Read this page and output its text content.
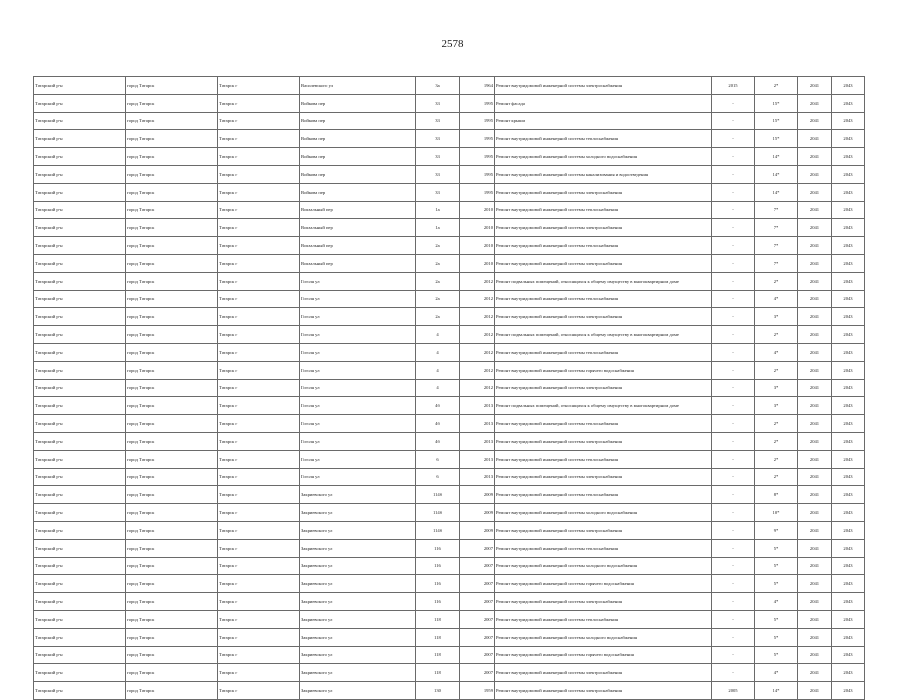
2578
Татарский р-н	город Татарск	Татарск г	Василевского ул	3а	1964	Ремонт внутридомовой инженерной системы электроснабжения	2015	2*	2041	2043
Татарский р-н	город Татарск	Татарск г	Войкова пер	33	1995	Ремонт фасада	-	15*	2041	2043
Татарский р-н	город Татарск	Татарск г	Войкова пер	33	1995	Ремонт крыши	-	15*	2041	2043
Татарский р-н	город Татарск	Татарск г	Войкова пер	33	1995	Ремонт внутридомовой инженерной системы теплоснабжения	-	15*	2041	2043
Татарский р-н	город Татарск	Татарск г	Войкова пер	33	1995	Ремонт внутридомовой инженерной системы холодного водоснабжения	-	14*	2041	2043
Татарский р-н	город Татарск	Татарск г	Войкова пер	33	1995	Ремонт внутридомовой инженерной системы канализования и водоотведения	-	14*	2041	2043
Татарский р-н	город Татарск	Татарск г	Войкова пер	33	1995	Ремонт внутридомовой инженерной системы электроснабжения	-	14*	2041	2043
Татарский р-н	город Татарск	Татарск г	Вокзальный пер	1а	2010	Ремонт внутридомовой инженерной системы теплоснабжения	-	7*	2041	2043
Татарский р-н	город Татарск	Татарск г	Вокзальный пер	1а	2010	Ремонт внутридомовой инженерной системы электроснабжения	-	7*	2041	2043
Татарский р-н	город Татарск	Татарск г	Вокзальный пер	2а	2010	Ремонт внутридомовой инженерной системы теплоснабжения	-	7*	2041	2043
Татарский р-н	город Татарск	Татарск г	Вокзальный пер	2а	2010	Ремонт внутридомовой инженерной системы электроснабжения	-	7*	2041	2043
Татарский р-н	город Татарск	Татарск г	Гоголя ул	2а	2012	Ремонт подвальных помещений, относящихся к общему имуществу в многоквартирном доме	-	2*	2041	2043
Татарский р-н	город Татарск	Татарск г	Гоголя ул	2а	2012	Ремонт внутридомовой инженерной системы теплоснабжения	-	4*	2041	2043
Татарский р-н	город Татарск	Татарск г	Гоголя ул	2а	2012	Ремонт внутридомовой инженерной системы электроснабжения	-	3*	2041	2043
Татарский р-н	город Татарск	Татарск г	Гоголя ул	4	2012	Ремонт подвальных помещений, относящихся к общему имуществу в многоквартирном доме	-	2*	2041	2043
Татарский р-н	город Татарск	Татарск г	Гоголя ул	4	2012	Ремонт внутридомовой инженерной системы теплоснабжения	-	4*	2041	2043
Татарский р-н	город Татарск	Татарск г	Гоголя ул	4	2012	Ремонт внутридомовой инженерной системы горячего водоснабжения	-	2*	2041	2043
Татарский р-н	город Татарск	Татарск г	Гоголя ул	4	2012	Ремонт внутридомовой инженерной системы электроснабжения	-	3*	2041	2043
Татарский р-н	город Татарск	Татарск г	Гоголя ул	4б	2013	Ремонт подвальных помещений, относящихся к общему имуществу в многоквартирном доме	-	3*	2041	2043
Татарский р-н	город Татарск	Татарск г	Гоголя ул	4б	2013	Ремонт внутридомовой инженерной системы теплоснабжения	-	2*	2041	2043
Татарский р-н	город Татарск	Татарск г	Гоголя ул	4б	2013	Ремонт внутридомовой инженерной системы электроснабжения	-	2*	2041	2043
Татарский р-н	город Татарск	Татарск г	Гоголя ул	6	2013	Ремонт внутридомовой инженерной системы теплоснабжения	-	2*	2041	2043
Татарский р-н	город Татарск	Татарск г	Гоголя ул	6	2013	Ремонт внутридомовой инженерной системы электроснабжения	-	2*	2041	2043
Татарский р-н	город Татарск	Татарск г	Закриевского ул	114б	2009	Ремонт внутридомовой инженерной системы теплоснабжения	-	8*	2041	2043
Татарский р-н	город Татарск	Татарск г	Закриевского ул	114б	2009	Ремонт внутридомовой инженерной системы холодного водоснабжения	-	10*	2041	2043
Татарский р-н	город Татарск	Татарск г	Закриевского ул	114б	2009	Ремонт внутридомовой инженерной системы электроснабжения	-	9*	2041	2043
Татарский р-н	город Татарск	Татарск г	Закриевского ул	116	2007	Ремонт внутридомовой инженерной системы теплоснабжения	-	5*	2041	2043
Татарский р-н	город Татарск	Татарск г	Закриевского ул	116	2007	Ремонт внутридомовой инженерной системы холодного водоснабжения	-	5*	2041	2043
Татарский р-н	город Татарск	Татарск г	Закриевского ул	116	2007	Ремонт внутридомовой инженерной системы горячего водоснабжения	-	5*	2041	2043
Татарский р-н	город Татарск	Татарск г	Закриевского ул	116	2007	Ремонт внутридомовой инженерной системы электроснабжения	-	4*	2041	2043
Татарский р-н	город Татарск	Татарск г	Закриевского ул	118	2007	Ремонт внутридомовой инженерной системы теплоснабжения	-	5*	2041	2043
Татарский р-н	город Татарск	Татарск г	Закриевского ул	118	2007	Ремонт внутридомовой инженерной системы холодного водоснабжения	-	5*	2041	2043
Татарский р-н	город Татарск	Татарск г	Закриевского ул	118	2007	Ремонт внутридомовой инженерной системы горячего водоснабжения	-	5*	2041	2043
Татарский р-н	город Татарск	Татарск г	Закриевского ул	118	2007	Ремонт внутридомовой инженерной системы электроснабжения	-	4*	2041	2043
Татарский р-н	город Татарск	Татарск г	Закриевского ул	130	1959	Ремонт внутридомовой инженерной системы электроснабжения	2005	14*	2041	2043
